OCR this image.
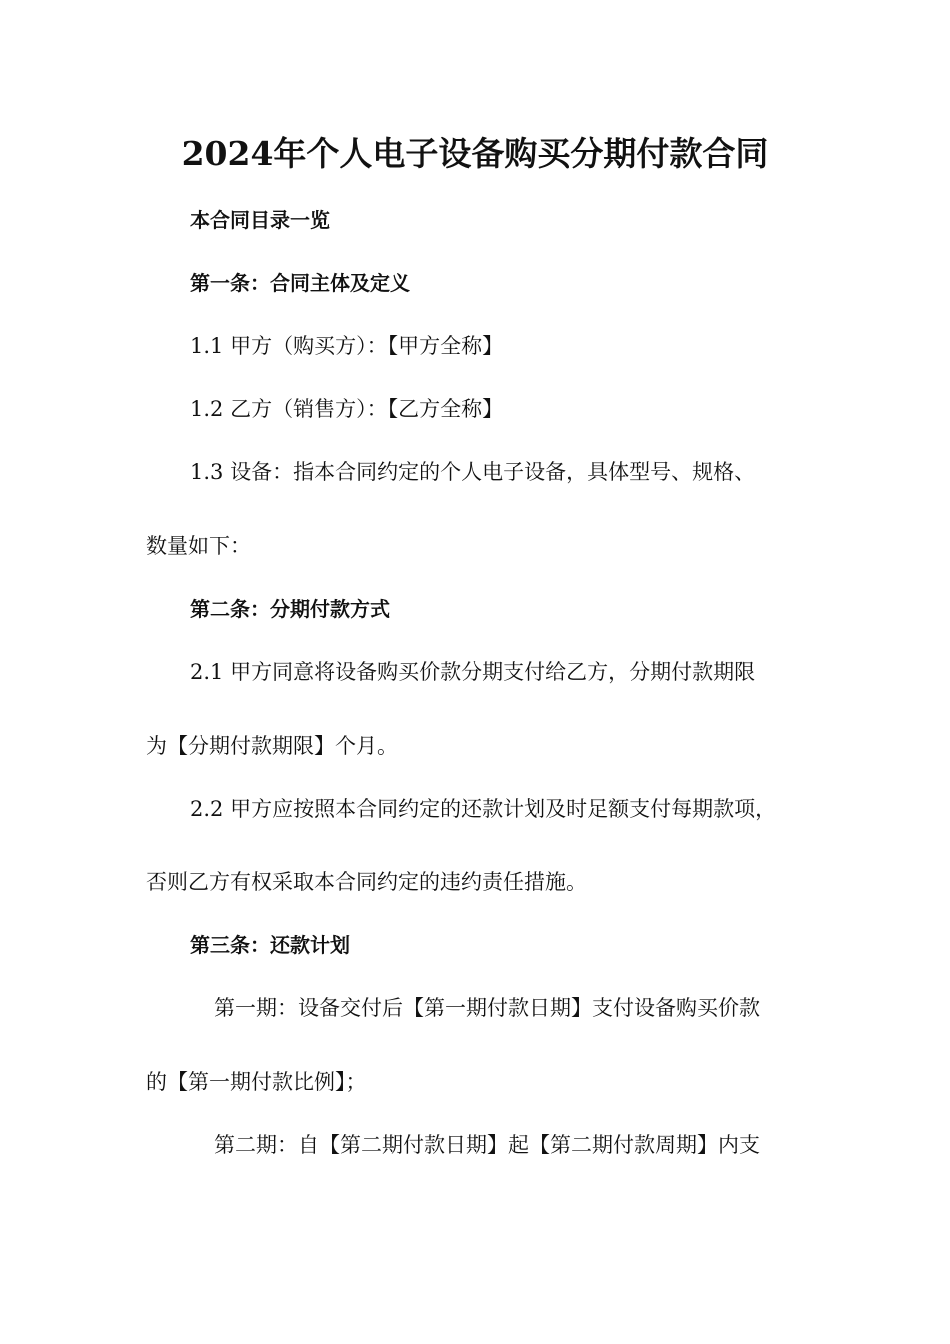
2024年个人电子设备购买分期付款合同
本合同目录一览
第一条：合同主体及定义
1.1 甲方（购买方）：【甲方全称】
1.2 乙方（销售方）：【乙方全称】
1.3 设备：指本合同约定的个人电子设备，具体型号、规格、
数量如下：
第二条：分期付款方式
2.1 甲方同意将设备购买价款分期支付给乙方，分期付款期限
为【分期付款期限】个月。
2.2 甲方应按照本合同约定的还款计划及时足额支付每期款项，
否则乙方有权采取本合同约定的违约责任措施。
第三条：还款计划
第一期：设备交付后【第一期付款日期】支付设备购买价款
的【第一期付款比例】；
第二期：自【第二期付款日期】起【第二期付款周期】内支
